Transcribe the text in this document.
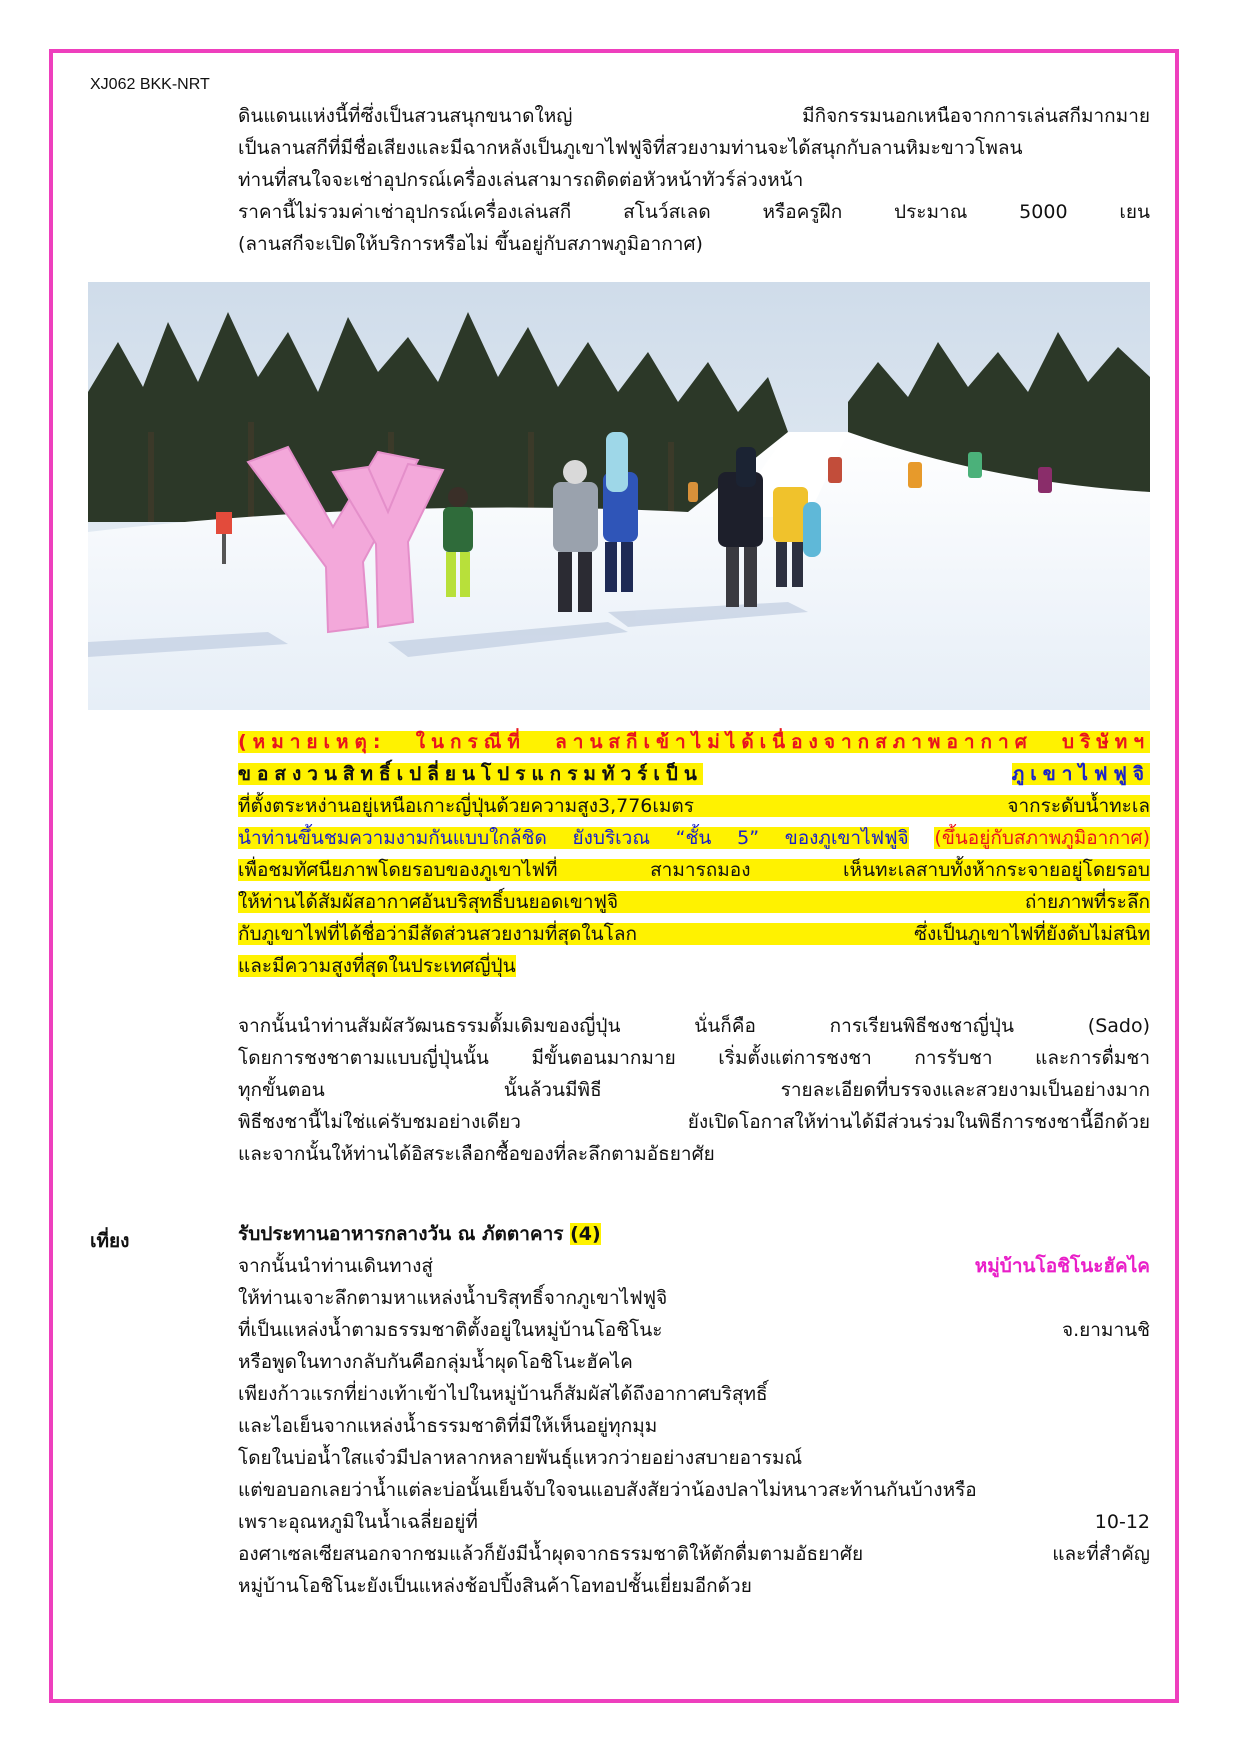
XJ062 BKK-NRT
ดินแดนแห่งนี้ที่ซึ่งเป็นสวนสนุกขนาดใหญ่ มีกิจกรรมนอกเหนือจากการเล่นสกีมากมาย
เป็นลานสกีที่มีชื่อเสียงและมีฉากหลังเป็นภูเขาไฟฟูจิที่สวยงามท่านจะได้สนุกกับลานหิมะขาวโพลน
ท่านที่สนใจจะเช่าอุปกรณ์เครื่องเล่นสามารถติดต่อหัวหน้าทัวร์ล่วงหน้า
ราคานี้ไม่รวมค่าเช่าอุปกรณ์เครื่องเล่นสกี สโนว์สเลด หรือครูฝึก ประมาณ 5000 เยน
(ลานสกีจะเปิดให้บริการหรือไม่ ขึ้นอยู่กับสภาพภูมิอากาศ)
(หมายเหตุ: ในกรณีที่ ลานสกีเข้าไม่ได้เนื่องจากสภาพอากาศ บริษัทฯ
ขอสงวนสิทธิ์เปลี่ยนโปรแกรมทัวร์เป็น	ภูเขาไฟฟูจิ
ที่ตั้งตระหง่านอยู่เหนือเกาะญี่ปุ่นด้วยความสูง3,776เมตร จากระดับน้ำทะเล
นำท่านขึ้นชมความงามกันแบบใกล้ชิด ยังบริเวณ “ชั้น 5” ของภูเขาไฟฟูจิ (ขึ้นอยู่กับสภาพภูมิอากาศ)
เพื่อชมทัศนียภาพโดยรอบของภูเขาไฟที่ สามารถมอง เห็นทะเลสาบทั้งห้ากระจายอยู่โดยรอบ
ให้ท่านได้สัมผัสอากาศอันบริสุทธิ์บนยอดเขาฟูจิ ถ่ายภาพที่ระลึก
กับภูเขาไฟที่ได้ชื่อว่ามีสัดส่วนสวยงามที่สุดในโลก ซึ่งเป็นภูเขาไฟที่ยังดับไม่สนิท
และมีความสูงที่สุดในประเทศญี่ปุ่น
จากนั้นนำท่านสัมผัสวัฒนธรรมดั้มเดิมของญี่ปุ่น นั่นก็คือ การเรียนพิธีชงชาญี่ปุ่น (Sado)
โดยการชงชาตามแบบญี่ปุ่นนั้น มีขั้นตอนมากมาย เริ่มตั้งแต่การชงชา การรับชา และการดื่มชา
ทุกขั้นตอน นั้นล้วนมีพิธี รายละเอียดที่บรรจงและสวยงามเป็นอย่างมาก
พิธีชงชานี้ไม่ใช่แค่รับชมอย่างเดียว ยังเปิดโอกาสให้ท่านได้มีส่วนร่วมในพิธีการชงชานี้อีกด้วย
และจากนั้นให้ท่านได้อิสระเลือกซื้อของที่ละลึกตามอัธยาศัย
เที่ยง	รับประทานอาหารกลางวัน ณ ภัตตาคาร (4)
จากนั้นนำท่านเดินทางสู่	หมู่บ้านโอชิโนะฮัคไค
ให้ท่านเจาะลึกตามหาแหล่งน้ำบริสุทธิ์จากภูเขาไฟฟูจิ
ที่เป็นแหล่งน้ำตามธรรมชาติตั้งอยู่ในหมู่บ้านโอชิโนะ จ.ยามานชิ
หรือพูดในทางกลับกันคือกลุ่มน้ำผุดโอชิโนะฮัคไค
เพียงก้าวแรกที่ย่างเท้าเข้าไปในหมู่บ้านก็สัมผัสได้ถึงอากาศบริสุทธิ์
และไอเย็นจากแหล่งน้ำธรรมชาติที่มีให้เห็นอยู่ทุกมุม
โดยในบ่อน้ำใสแจ๋วมีปลาหลากหลายพันธุ์แหวกว่ายอย่างสบายอารมณ์
แต่ขอบอกเลยว่าน้ำแต่ละบ่อนั้นเย็นจับใจจนแอบสังสัยว่าน้องปลาไม่หนาวสะท้านกันบ้างหรือ
เพราะอุณหภูมิในน้ำเฉลี่ยอยู่ที่ 10-12
องศาเซลเซียสนอกจากชมแล้วก็ยังมีน้ำผุดจากธรรมชาติให้ตักดื่มตามอัธยาศัย และที่สำคัญ
หมู่บ้านโอชิโนะยังเป็นแหล่งช้อปปิ้งสินค้าโอทอปชั้นเยี่ยมอีกด้วย
